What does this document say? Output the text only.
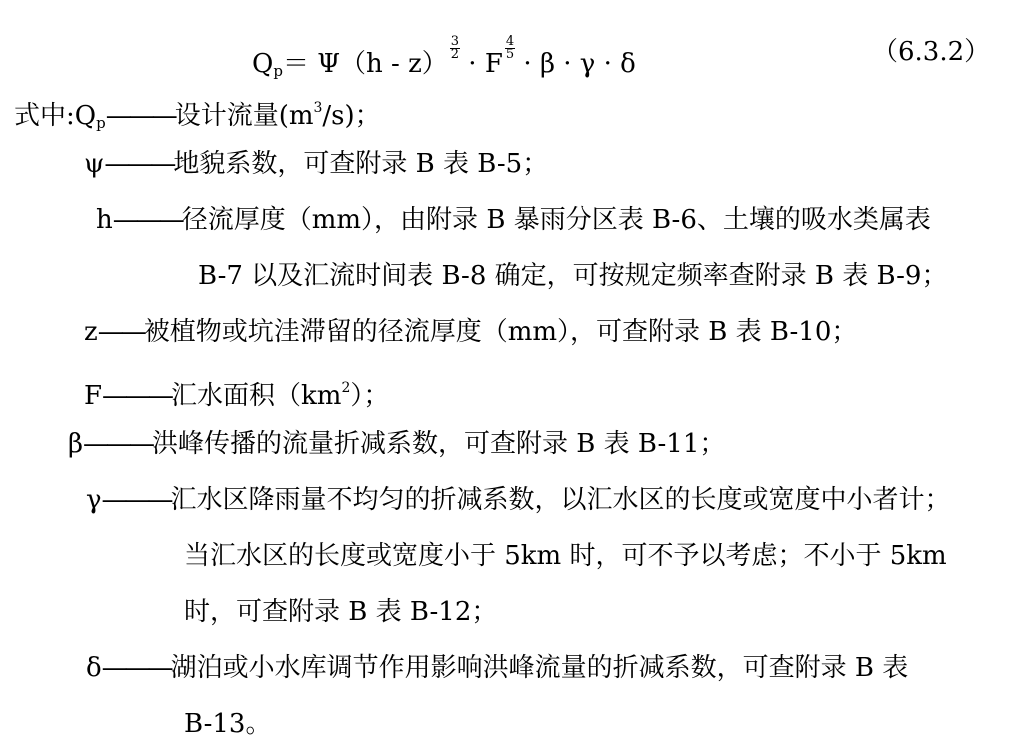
$Q_p= \Psi(h - z)$
$^{\frac{3}{2}}$
· F
$^{\frac{4}{5}}$
· β · γ · δ	（6.3.2）
式中$:Q_p———$设计流量$(m^3/s)$；
ψ———地貌系数，可查附录 B 表 B-5；
h———径流厚度（mm），由附录 B 暴雨分区表 B-6、土壤的吸水类属表
B-7 以及汇流时间表 B-8 确定，可按规定频率查附录 B 表 B-9；
z——被植物或坑洼滞留的径流厚度（mm），可查附录 B 表 B-10；
F———汇水面积$(km^2)$；
β———洪峰传播的流量折减系数，可查附录 B 表 B-11；
γ———汇水区降雨量不均匀的折减系数，以汇水区的长度或宽度中小者计；
当汇水区的长度或宽度小于 5km 时，可不予以考虑；不小于 5km
时，可查附录 B 表 B-12；
δ———湖泊或小水库调节作用影响洪峰流量的折减系数，可查附录 B 表
B-13。
